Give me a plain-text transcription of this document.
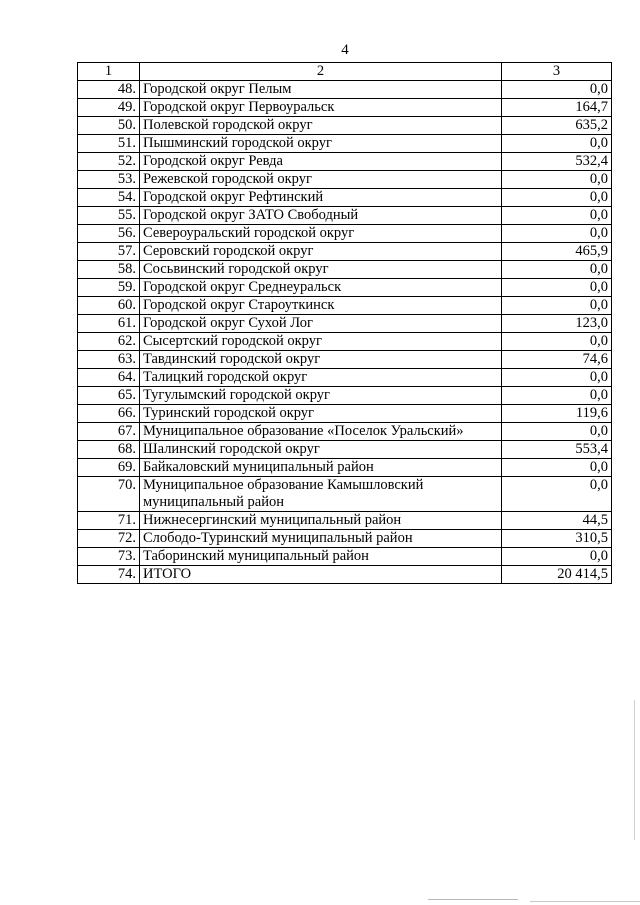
4
1	2	3
48.	Городской округ Пелым	0,0
49.	Городской округ Первоуральск	164,7
50.	Полевской городской округ	635,2
51.	Пышминский городской округ	0,0
52.	Городской округ Ревда	532,4
53.	Режевской городской округ	0,0
54.	Городской округ Рефтинский	0,0
55.	Городской округ ЗАТО Свободный	0,0
56.	Североуральский городской округ	0,0
57.	Серовский городской округ	465,9
58.	Сосьвинский городской округ	0,0
59.	Городской округ Среднеуральск	0,0
60.	Городской округ Староуткинск	0,0
61.	Городской округ Сухой Лог	123,0
62.	Сысертский городской округ	0,0
63.	Тавдинский городской округ	74,6
64.	Талицкий городской округ	0,0
65.	Тугулымский городской округ	0,0
66.	Туринский городской округ	119,6
67.	Муниципальное образование «Поселок Уральский»	0,0
68.	Шалинский городской округ	553,4
69.	Байкаловский муниципальный район	0,0
70.	Муниципальное образование Камышловский муниципальный район	0,0
71.	Нижнесергинский муниципальный район	44,5
72.	Слободо-Туринский муниципальный район	310,5
73.	Таборинский муниципальный район	0,0
74.	ИТОГО	20 414,5
